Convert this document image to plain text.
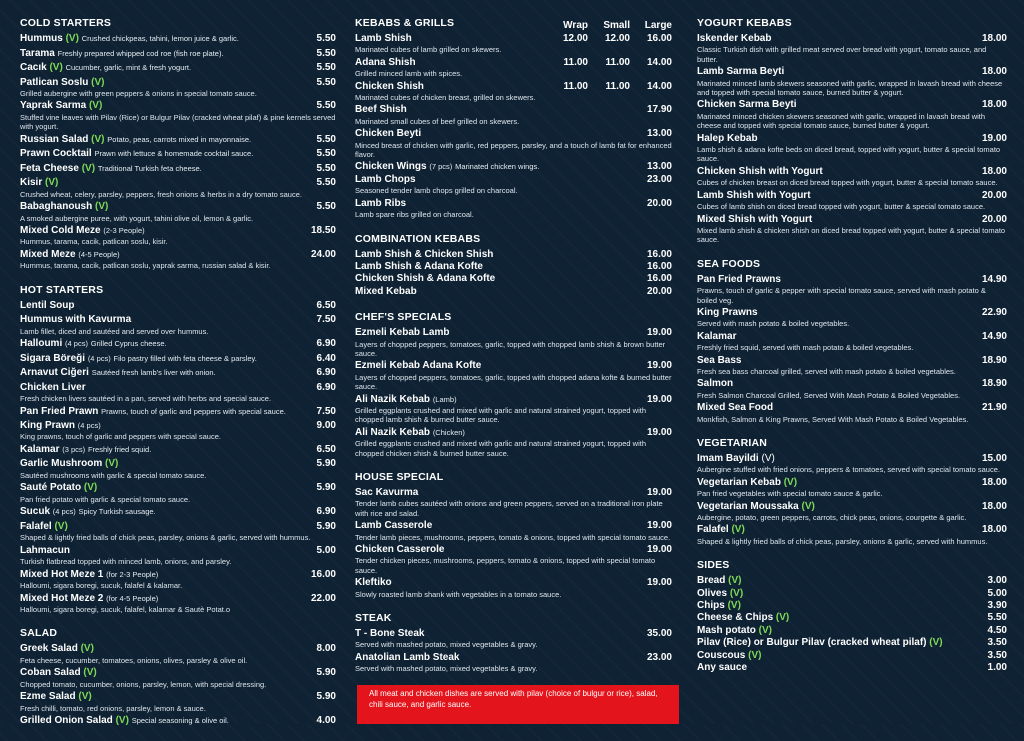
COLD STARTERS
Hummus (V) Crushed chickpeas, tahini, lemon juice & garlic.	5.50
Tarama Freshly prepared whipped cod roe (fish roe plate).	5.50
Cacık (V) Cucumber, garlic, mint & fresh yogurt.	5.50
Patlican Soslu (V)	5.50
Grilled aubergine with green peppers & onions in special tomato sauce.
Yaprak Sarma (V)	5.50
Stuffed vine leaves with Pilav (Rice) or Bulgur Pilav (cracked wheat pilaf) & pine kernels served with yogurt.
Russian Salad (V) Potato, peas, carrots mixed in mayonnaise.	5.50
Prawn Cocktail Prawn with lettuce & homemade cocktail sauce.	5.50
Feta Cheese (V) Traditional Turkish feta cheese.	5.50
Kisir (V)	5.50
Crushed wheat, celery, parsley, peppers, fresh onions & herbs in a dry tomato sauce.
Babaghanoush (V)	5.50
A smoked aubergine puree, with yogurt, tahini olive oil, lemon & garlic.
Mixed Cold Meze (2-3 People)	18.50
Hummus, tarama, cacik, patlican soslu, kisir.
Mixed Meze (4-5 People)	24.00
Hummus, tarama, cacik, patlican soslu, yaprak sarma, russian salad & kisir.
HOT STARTERS
Lentil Soup	6.50
Hummus with Kavurma	7.50
Lamb fillet, diced and sautéed and served over hummus.
Halloumi (4 pcs) Grilled Cyprus cheese.	6.90
Sigara Böreği (4 pcs) Filo pastry filled with feta cheese & parsley.	6.40
Arnavut Ciğeri Sautéed fresh lamb's liver with onion.	6.90
Chicken Liver	6.90
Fresh chicken livers sautéed in a pan, served with herbs and special sauce.
Pan Fried Prawn Prawns, touch of garlic and peppers with special sauce.	7.50
King Prawn (4 pcs)	9.00
King prawns, touch of garlic and peppers with special sauce.
Kalamar (3 pcs) Freshly fried squid.	6.50
Garlic Mushroom (V)	5.90
Sautéed mushrooms with garlic & special tomato sauce.
Sauté Potato (V)	5.90
Pan fried potato with garlic & special tomato sauce.
Sucuk (4 pcs) Spicy Turkish sausage.	6.90
Falafel (V)	5.90
Shaped & lightly fried balls of chick peas, parsley, onions & garlic, served with hummus.
Lahmacun	5.00
Turkish flatbread topped with minced lamb, onions, and parsley.
Mixed Hot Meze 1 (for 2-3 People)	16.00
Halloumi, sigara boregi, sucuk, falafel & kalamar.
Mixed Hot Meze 2 (for 4-5 People)	22.00
Halloumi, sigara boregi, sucuk, falafel, kalamar & Sautè Potat.o
SALAD
Greek Salad (V)	8.00
Feta cheese, cucumber, tomatoes, onions, olives, parsley & olive oil.
Coban Salad (V)	5.90
Chopped tomato, cucumber, onions, parsley, lemon, with special dressing.
Ezme Salad (V)	5.90
Fresh chilli, tomato, red onions, parsley, lemon & sauce.
Grilled Onion Salad (V) Special seasoning & olive oil.	4.00
KEBABS & GRILLS	Wrap	Small	Large
Lamb Shish	12.00	12.00	16.00
Marinated cubes of lamb grilled on skewers.
Adana Shish	11.00	11.00	14.00
Grilled minced lamb with spices.
Chicken Shish	11.00	11.00	14.00
Marinated cubes of chicken breast, grilled on skewers.
Beef Shish	17.90
Marinated small cubes of beef grilled on skewers.
Chicken Beyti	13.00
Minced breast of chicken with garlic, red peppers, parsley, and a touch of lamb fat for enhanced flavor.
Chicken Wings (7 pcs) Marinated chicken wings.	13.00
Lamb Chops	23.00
Seasoned tender lamb chops grilled on charcoal.
Lamb Ribs	20.00
Lamb spare ribs grilled on charcoal.
COMBINATION KEBABS
Lamb Shish & Chicken Shish	16.00
Lamb Shish & Adana Kofte	16.00
Chicken Shish & Adana Kofte	16.00
Mixed Kebab	20.00
CHEF'S SPECIALS
Ezmeli Kebab Lamb	19.00
Layers of chopped peppers, tomatoes, garlic, topped with chopped lamb shish & brown butter sauce.
Ezmeli Kebab Adana Kofte	19.00
Layers of chopped peppers, tomatoes, garlic, topped with chopped adana kofte & burned butter sauce.
Ali Nazik Kebab (Lamb)	19.00
Grilled eggplants crushed and mixed with garlic and natural strained yogurt, topped with chopped lamb shish & burned butter sauce.
Ali Nazik Kebab (Chicken)	19.00
Grilled eggplants crushed and mixed with garlic and natural strained yogurt, topped with chopped chicken shish & burned butter sauce.
HOUSE SPECIAL
Sac Kavurma	19.00
Tender lamb cubes sautéed with onions and green peppers, served on a traditional iron plate with rice and salad.
Lamb Casserole	19.00
Tender lamb pieces, mushrooms, peppers, tomato & onions, topped with special tomato sauce.
Chicken Casserole	19.00
Tender chicken pieces, mushrooms, peppers, tomato & onions, topped with special tomato sauce.
Kleftiko	19.00
Slowly roasted lamb shank with vegetables in a tomato sauce.
STEAK
T - Bone Steak	35.00
Served with mashed potato, mixed vegetables & gravy.
Anatolian Lamb Steak	23.00
Served with mashed potato, mixed vegetables & gravy.
All meat and chicken dishes are served with pilav (choice of bulgur or rice), salad, chili sauce, and garlic sauce.
YOGURT KEBABS
Iskender Kebab	18.00
Classic Turkish dish with grilled meat served over bread with yogurt, tomato sauce, and butter.
Lamb Sarma Beyti	18.00
Marinated minced lamb skewers seasoned with garlic, wrapped in lavash bread with cheese and topped with special tomato sauce, burned butter & yogurt.
Chicken Sarma Beyti	18.00
Marinated minced chicken skewers seasoned with garlic, wrapped in lavash bread with cheese and topped with special tomato sauce, burned butter & yogurt.
Halep Kebab	19.00
Lamb shish & adana kofte beds on diced bread, topped with yogurt, butter & special tomato sauce.
Chicken Shish with Yogurt	18.00
Cubes of chicken breast on diced bread topped with yogurt, butter & special tomato sauce.
Lamb Shish with Yogurt	20.00
Cubes of lamb shish on diced bread topped with yogurt, butter & special tomato sauce.
Mixed Shish with Yogurt	20.00
Mixed lamb shish & chicken shish on diced bread topped with yogurt, butter & special tomato sauce.
SEA FOODS
Pan Fried Prawns	14.90
Prawns, touch of garlic & pepper with special tomato sauce, served with mash potato & boiled veg.
King Prawns	22.90
Served with mash potato & boiled vegetables.
Kalamar	14.90
Freshly fried squid, served with mash potato & boiled vegetables.
Sea Bass	18.90
Fresh sea bass charcoal grilled, served with mash potato & boiled vegetables.
Salmon	18.90
Fresh Salmon Charcoal Grilled, Served With Mash Potato & Boiled Vegetables.
Mixed Sea Food	21.90
Monkfish, Salmon & King Prawns, Served With Mash Potato & Boiled Vegetables.
VEGETARIAN
Imam Bayildi (V)	15.00
Aubergine stuffed with fried onions, peppers & tomatoes, served with special tomato sauce.
Vegetarian Kebab (V)	18.00
Pan fried vegetables with special tomato sauce & garlic.
Vegetarian Moussaka (V)	18.00
Aubergine, potato, green peppers, carrots, chick peas, onions, courgette & garlic.
Falafel (V)	18.00
Shaped & lightly fried balls of chick peas, parsley, onions & garlic, served with hummus.
SIDES
Bread (V)	3.00
Olives (V)	5.00
Chips (V)	3.90
Cheese & Chips (V)	5.50
Mash potato (V)	4.50
Pilav (Rice) or Bulgur Pilav (cracked wheat pilaf) (V)	3.50
Couscous (V)	3.50
Any sauce	1.00
